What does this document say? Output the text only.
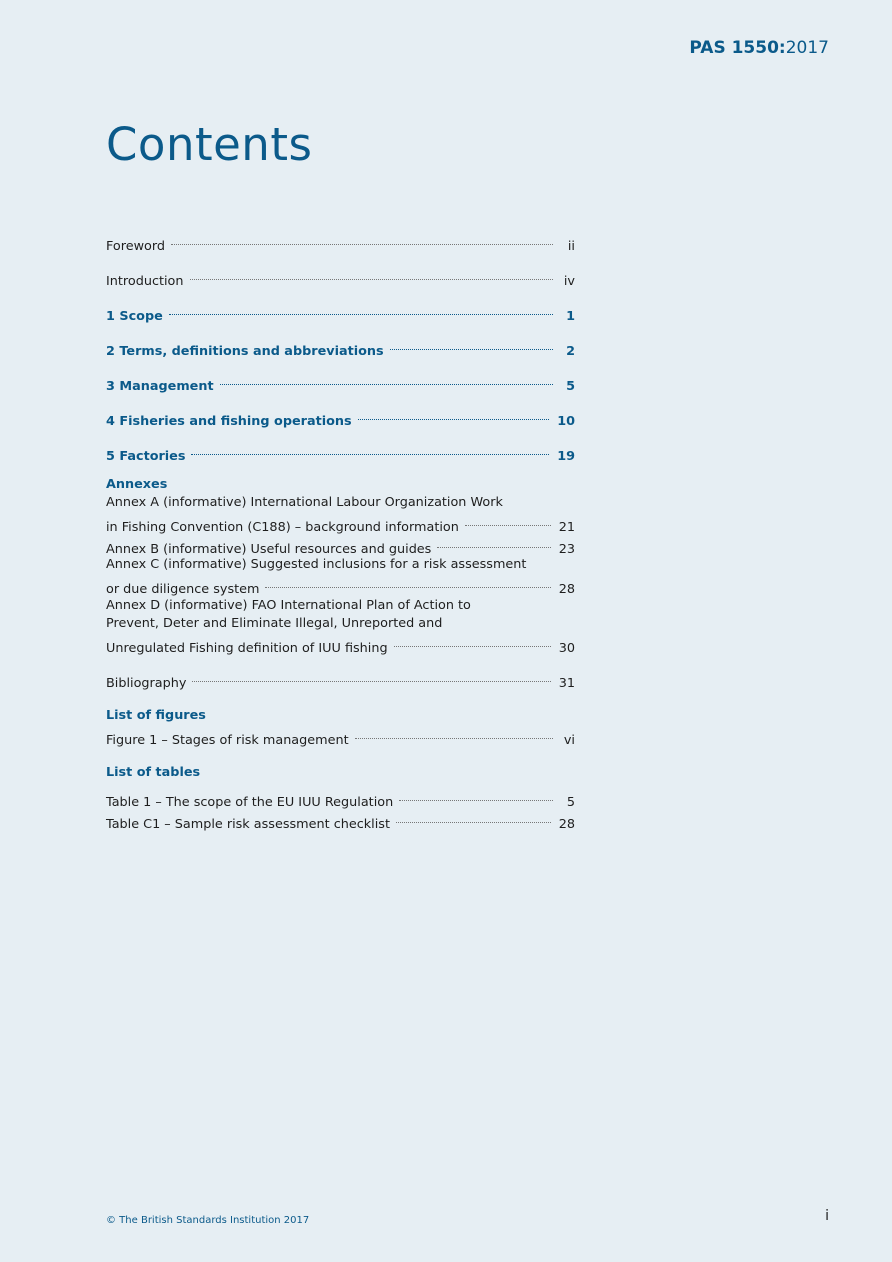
PAS 1550:2017
Contents
Foreword	ii
Introduction	iv
1 Scope	1
2 Terms, definitions and abbreviations	2
3 Management	5
4 Fisheries and fishing operations	10
5 Factories	19
Annexes
Annex A (informative) International Labour Organization Work
in Fishing Convention (C188) – background information	21
Annex B (informative) Useful resources and guides	23
Annex C (informative) Suggested inclusions for a risk assessment
or due diligence system	28
Annex D (informative) FAO International Plan of Action to
Prevent, Deter and Eliminate Illegal, Unreported and
Unregulated Fishing definition of IUU fishing	30
Bibliography	31
List of figures
Figure 1 – Stages of risk management	vi
List of tables
Table 1 – The scope of the EU IUU Regulation	5
Table C1 – Sample risk assessment checklist	28
© The British Standards Institution 2017	i
